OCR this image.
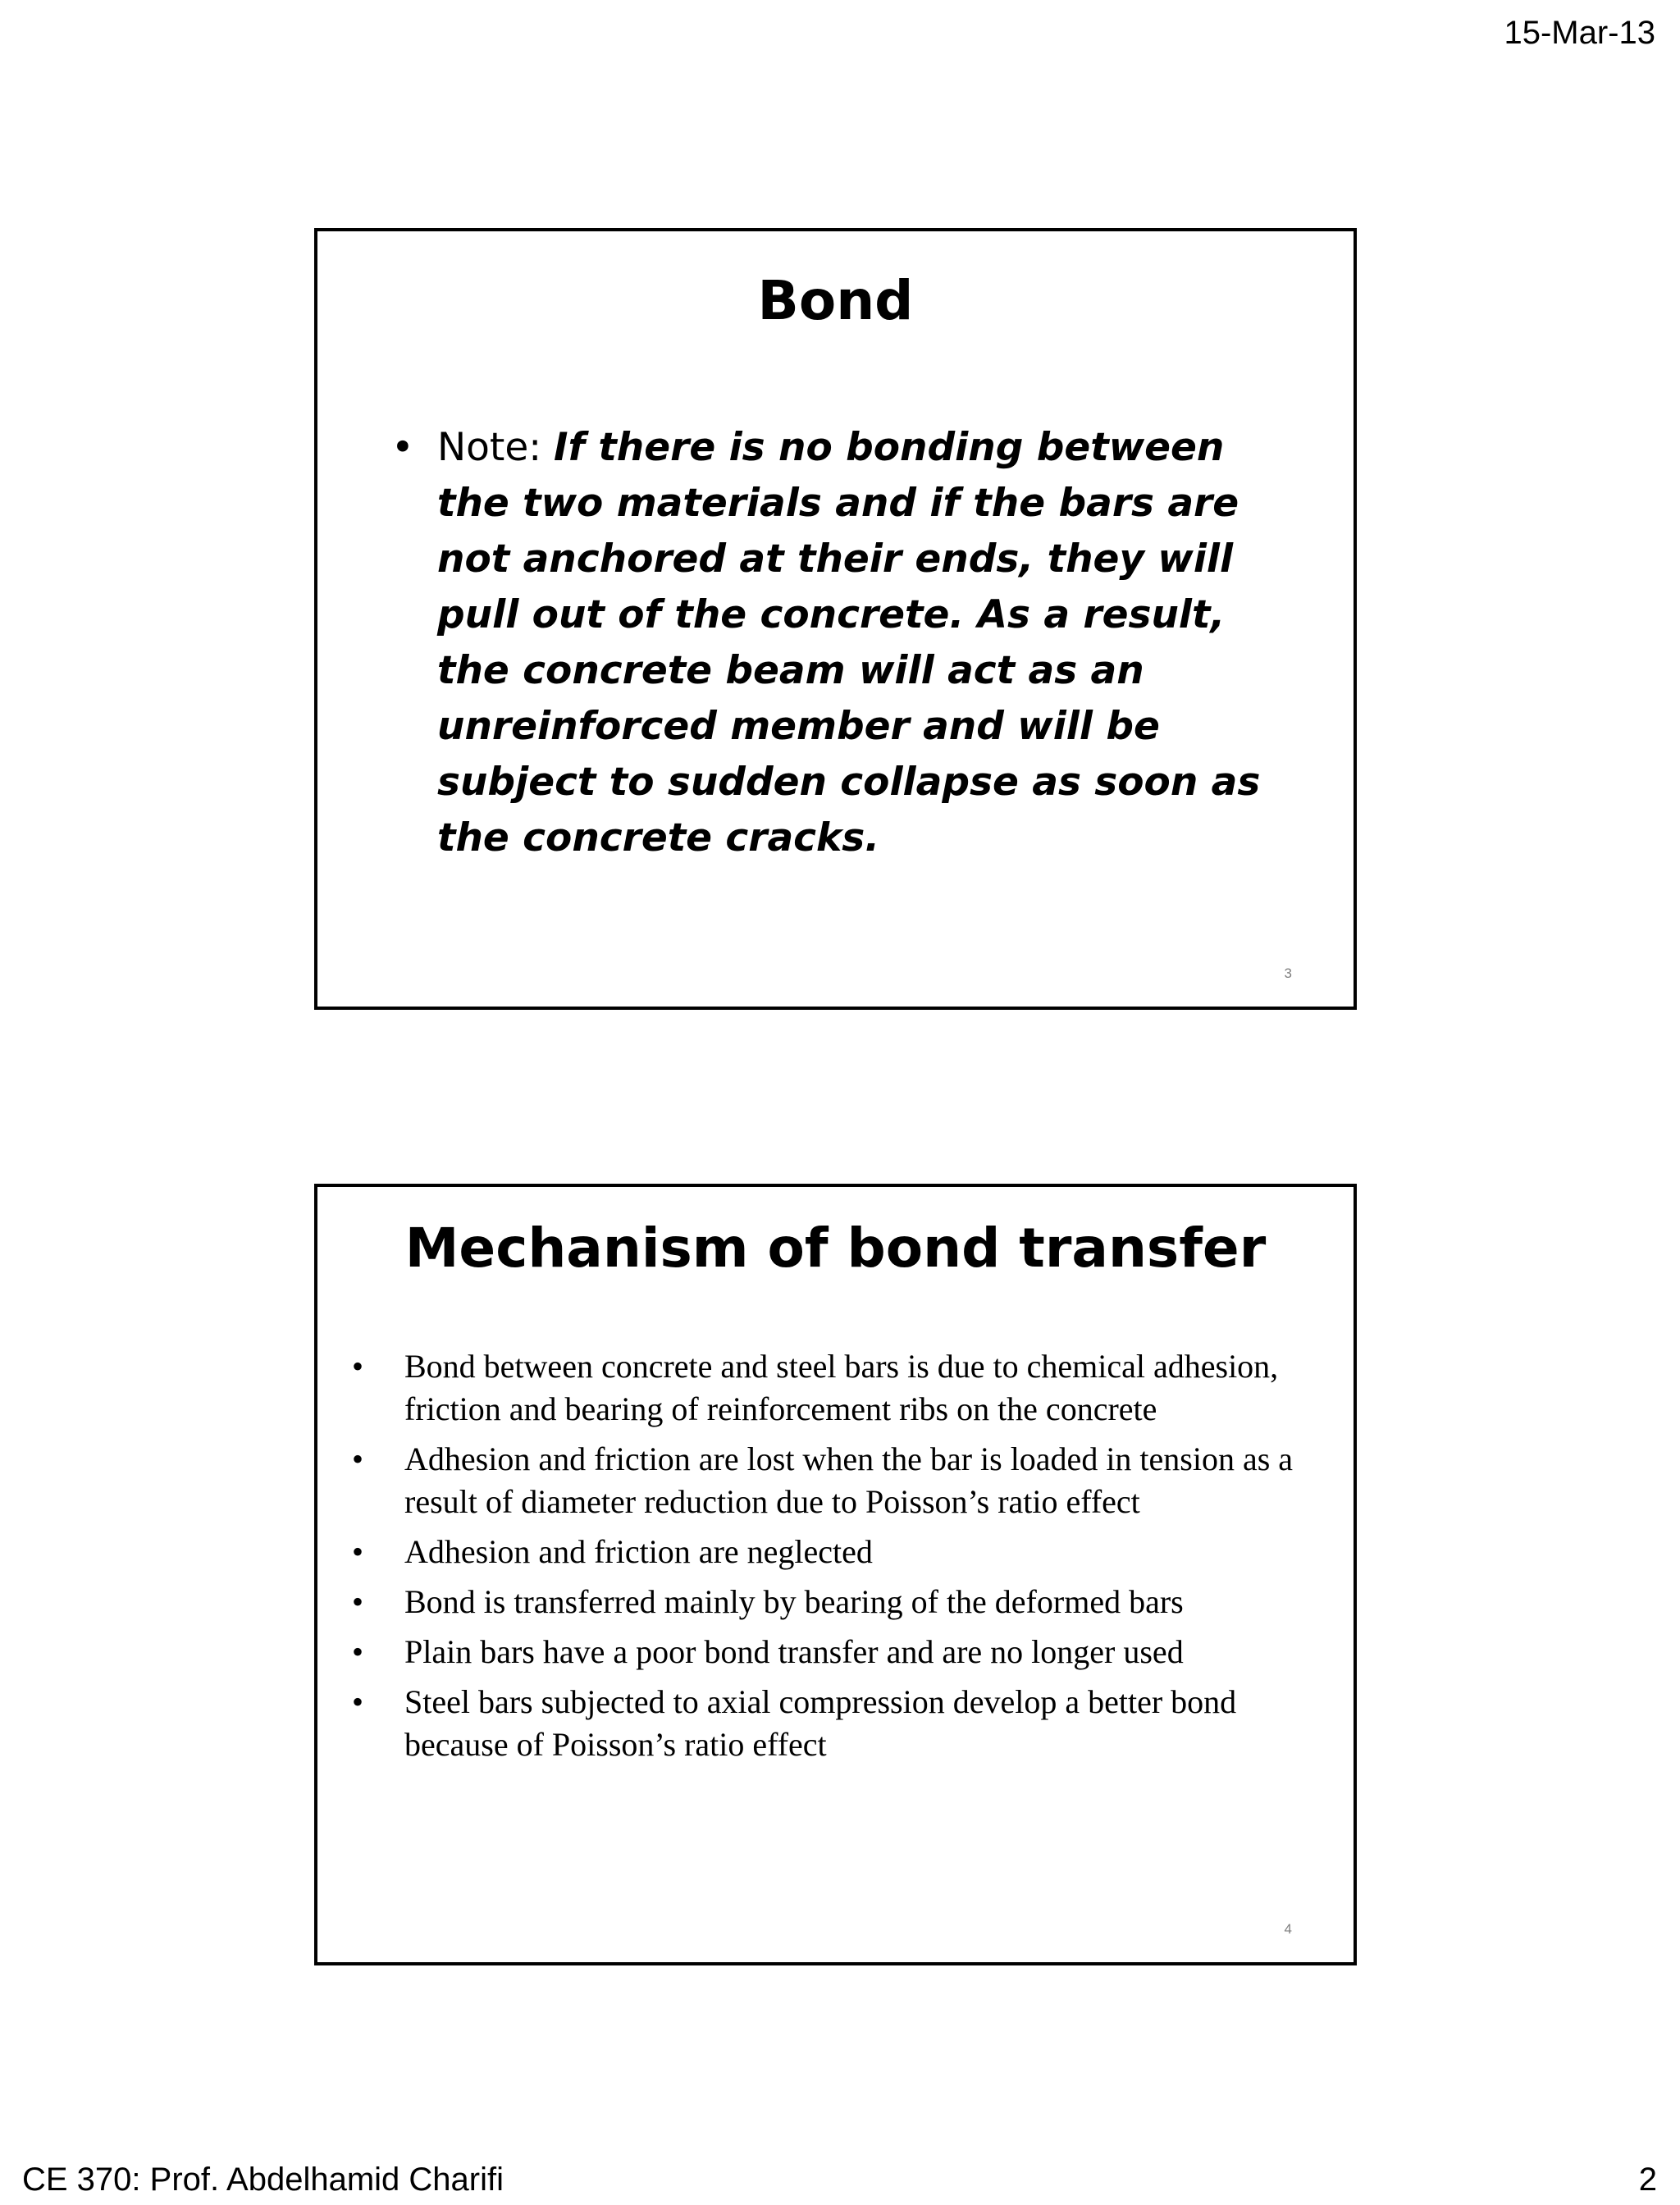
15-Mar-13
Bond
• Note: If there is no bonding between the two materials and if the bars are not anchored at their ends, they will pull out of the concrete. As a result, the concrete beam will act as an unreinforced member and will be subject to sudden collapse as soon as the concrete cracks.
3
Mechanism of bond transfer
• Bond between concrete and steel bars is due to chemical adhesion, friction and bearing of reinforcement ribs on the concrete
• Adhesion and friction are lost when the bar is loaded in tension as a result of diameter reduction due to Poisson’s ratio effect
• Adhesion and friction are neglected
• Bond is transferred mainly by bearing of the deformed bars
• Plain bars have a poor bond transfer and are no longer used
• Steel bars subjected to axial compression develop a better bond because of Poisson’s ratio effect
4
CE 370: Prof. Abdelhamid Charifi	2
